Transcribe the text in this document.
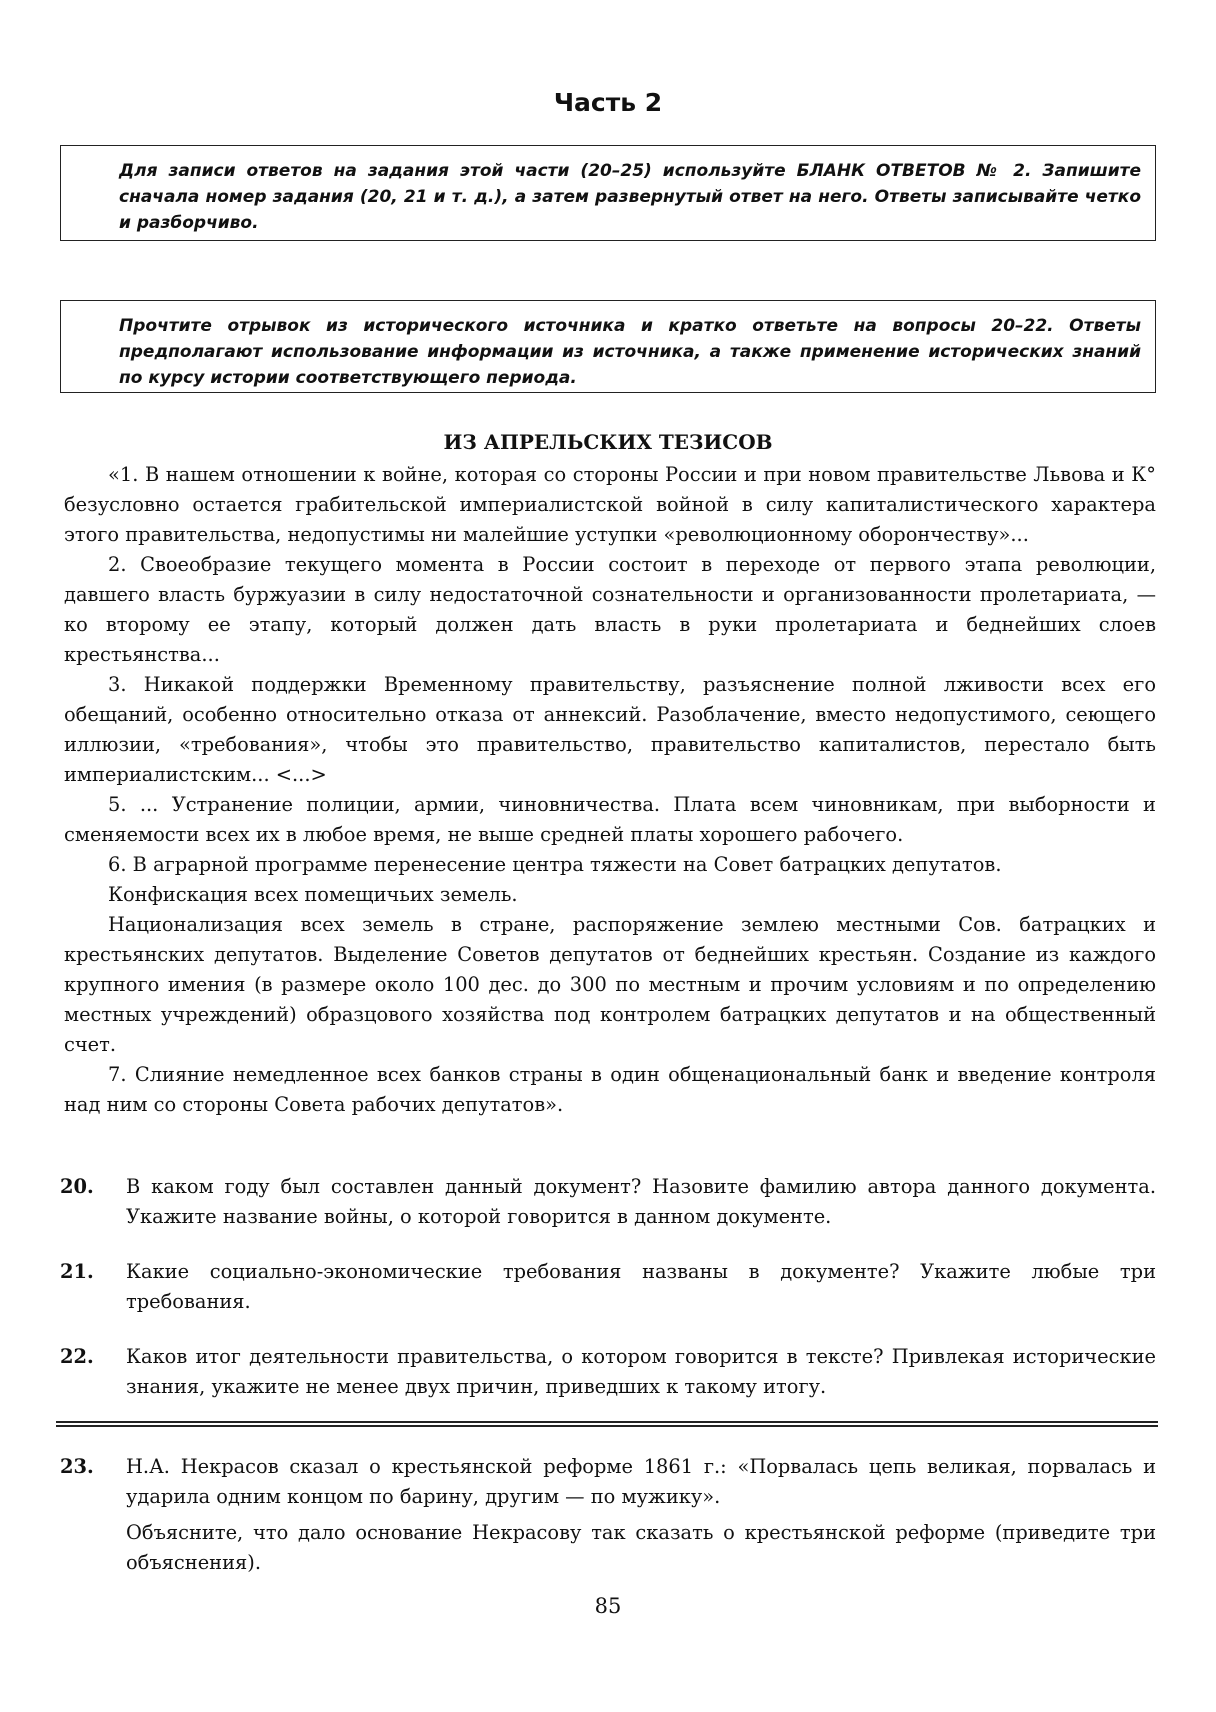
Часть 2
Для записи ответов на задания этой части (20–25) используйте БЛАНК ОТВЕТОВ № 2. Запишите сначала номер задания (20, 21 и т. д.), а затем развернутый ответ на него. Ответы записывайте четко и разборчиво.
Прочтите отрывок из исторического источника и кратко ответьте на вопросы 20–22. Ответы предполагают использование информации из источника, а также применение исторических знаний по курсу истории соответствующего периода.
ИЗ АПРЕЛЬСКИХ ТЕЗИСОВ

«1. В нашем отношении к войне, которая со стороны России и при новом правительстве Львова и К° безусловно остается грабительской империалистской войной в силу капиталистического характера этого правительства, недопустимы ни малейшие уступки «революционному оборончеству»...

2. Своеобразие текущего момента в России состоит в переходе от первого этапа революции, давшего власть буржуазии в силу недостаточной сознательности и организованности пролетариата, — ко второму ее этапу, который должен дать власть в руки пролетариата и беднейших слоев крестьянства...

3. Никакой поддержки Временному правительству, разъяснение полной лживости всех его обещаний, особенно относительно отказа от аннексий. Разоблачение, вместо недопустимого, сеющего иллюзии, «требования», чтобы это правительство, правительство капиталистов, перестало быть империалистским... <...>

5. ... Устранение полиции, армии, чиновничества. Плата всем чиновникам, при выборности и сменяемости всех их в любое время, не выше средней платы хорошего рабочего.

6. В аграрной программе перенесение центра тяжести на Совет батрацких депутатов.

Конфискация всех помещичьих земель.

Национализация всех земель в стране, распоряжение землею местными Сов. батрацких и крестьянских депутатов. Выделение Советов депутатов от беднейших крестьян. Создание из каждого крупного имения (в размере около 100 дес. до 300 по местным и прочим условиям и по определению местных учреждений) образцового хозяйства под контролем батрацких депутатов и на общественный счет.

7. Слияние немедленное всех банков страны в один общенациональный банк и введение контроля над ним со стороны Совета рабочих депутатов».

20. В каком году был составлен данный документ? Назовите фамилию автора данного документа. Укажите название войны, о которой говорится в данном документе.

21. Какие социально-экономические требования названы в документе? Укажите любые три требования.

22. Каков итог деятельности правительства, о котором говорится в тексте? Привлекая исторические знания, укажите не менее двух причин, приведших к такому итогу.

23. Н.А. Некрасов сказал о крестьянской реформе 1861 г.: «Порвалась цепь великая, порвалась и ударила одним концом по барину, другим — по мужику».

Объясните, что дало основание Некрасову так сказать о крестьянской реформе (приведите три объяснения).

85
